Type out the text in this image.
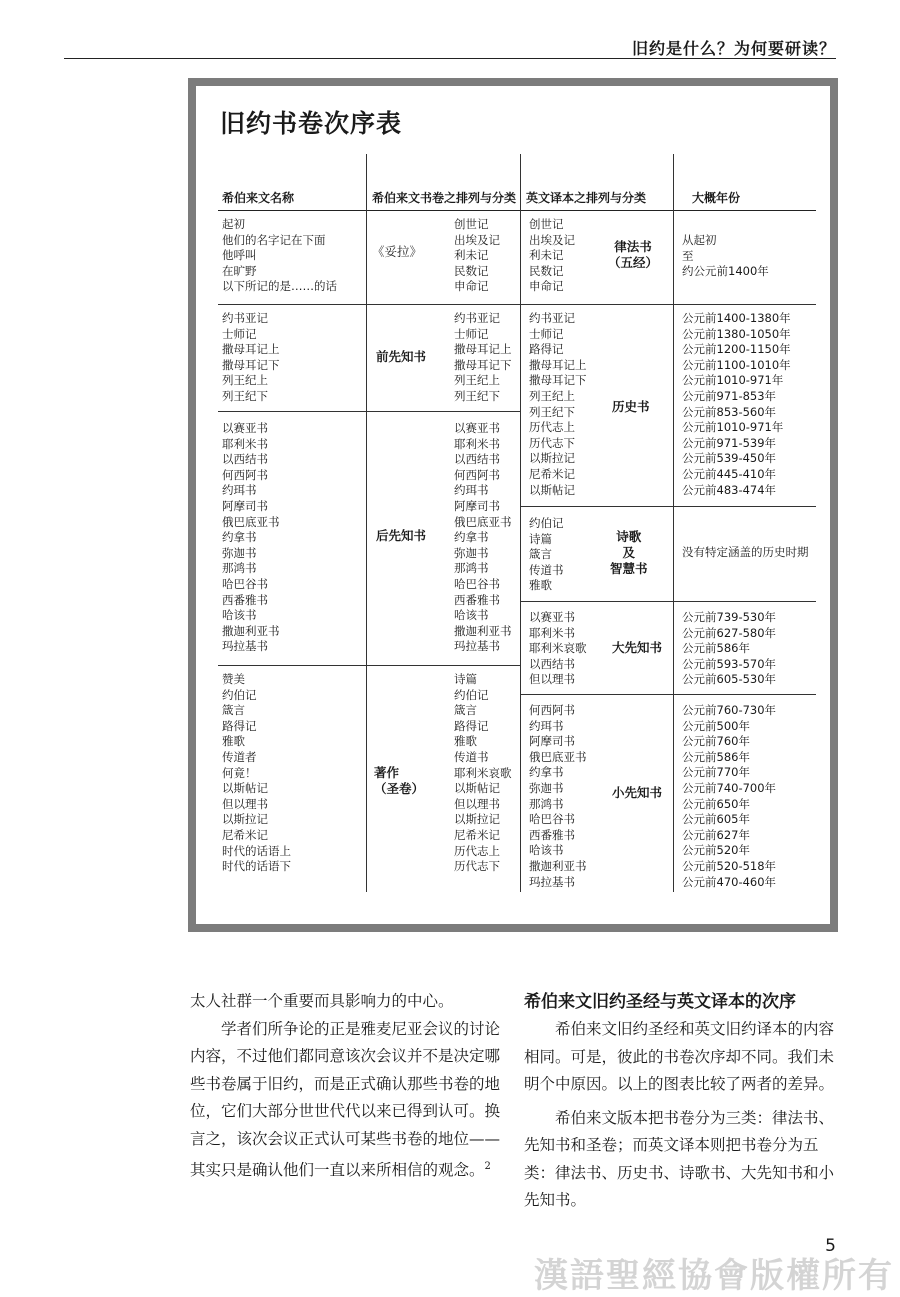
旧约是什么？为何要研读？
旧约书卷次序表
希伯来文名称	希伯来文书卷之排列与分类 英文译本之排列与分类	大概年份
起初
他们的名字记在下面
他呼叫
在旷野
以下所记的是……的话
《妥拉》
创世记
出埃及记
利未记
民数记
申命记
创世记
出埃及记
利未记
民数记
申命记
律法书
（五经）
从起初
至
约公元前1400年
约书亚记
士师记
撒母耳记上
撒母耳记下
列王纪上
列王纪下
前先知书
约书亚记
士师记
撒母耳记上
撒母耳记下
列王纪上
列王纪下
以赛亚书
耶利米书
以西结书
何西阿书
约珥书
阿摩司书
俄巴底亚书
约拿书
弥迦书
那鸿书
哈巴谷书
西番雅书
哈该书
撒迦利亚书
玛拉基书
后先知书
以赛亚书
耶利米书
以西结书
何西阿书
约珥书
阿摩司书
俄巴底亚书
约拿书
弥迦书
那鸿书
哈巴谷书
西番雅书
哈该书
撒迦利亚书
玛拉基书
赞美
约伯记
箴言
路得记
雅歌
传道者
何竟！
以斯帖记
但以理书
以斯拉记
尼希米记
时代的话语上
时代的话语下
著作
（圣卷）
诗篇
约伯记
箴言
路得记
雅歌
传道书
耶利米哀歌
以斯帖记
但以理书
以斯拉记
尼希米记
历代志上
历代志下
约书亚记
士师记
路得记
撒母耳记上
撒母耳记下
列王纪上
列王纪下
历代志上
历代志下
以斯拉记
尼希米记
以斯帖记
历史书
公元前1400-1380年
公元前1380-1050年
公元前1200-1150年
公元前1100-1010年
公元前1010-971年
公元前971-853年
公元前853-560年
公元前1010-971年
公元前971-539年
公元前539-450年
公元前445-410年
公元前483-474年
约伯记
诗篇
箴言
传道书
雅歌
诗歌
及
智慧书
没有特定涵盖的历史时期
以赛亚书
耶利米书
耶利米哀歌
以西结书
但以理书
大先知书
公元前739-530年
公元前627-580年
公元前586年
公元前593-570年
公元前605-530年
何西阿书
约珥书
阿摩司书
俄巴底亚书
约拿书
弥迦书
那鸿书
哈巴谷书
西番雅书
哈该书
撒迦利亚书
玛拉基书
小先知书
公元前760-730年
公元前500年
公元前760年
公元前586年
公元前770年
公元前740-700年
公元前650年
公元前605年
公元前627年
公元前520年
公元前520-518年
公元前470-460年

太人社群一个重要而具影响力的中心。

学者们所争论的正是雅麦尼亚会议的讨论内容，不过他们都同意该次会议并不是决定哪些书卷属于旧约，而是正式确认那些书卷的地位，它们大部分世世代代以来已得到认可。换言之，该次会议正式认可某些书卷的地位——其实只是确认他们一直以来所相信的观念。$^2$

希伯来文旧约圣经与英文译本的次序

希伯来文旧约圣经和英文旧约译本的内容相同。可是，彼此的书卷次序却不同。我们未明个中原因。以上的图表比较了两者的差异。

希伯来文版本把书卷分为三类：律法书、先知书和圣卷；而英文译本则把书卷分为五类：律法书、历史书、诗歌书、大先知书和小先知书。

5
漢語聖經協會版權所有
